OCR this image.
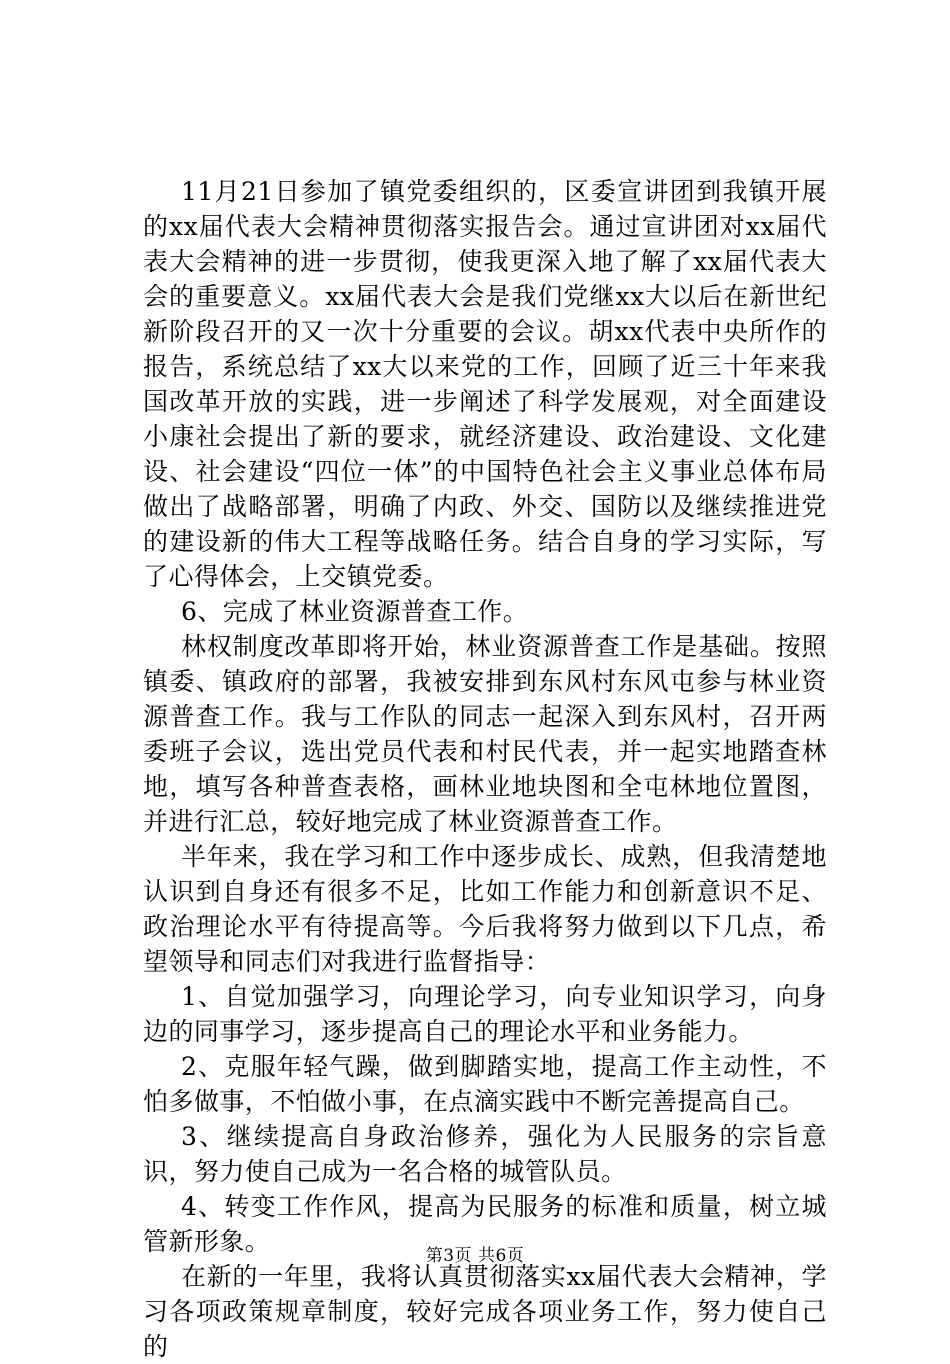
11月21日参加了镇党委组织的，区委宣讲团到我镇开展的xx届代表大会精神贯彻落实报告会。通过宣讲团对xx届代表大会精神的进一步贯彻，使我更深入地了解了xx届代表大会的重要意义。xx届代表大会是我们党继xx大以后在新世纪新阶段召开的又一次十分重要的会议。胡xx代表中央所作的报告，系统总结了xx大以来党的工作，回顾了近三十年来我国改革开放的实践，进一步阐述了科学发展观，对全面建设小康社会提出了新的要求，就经济建设、政治建设、文化建设、社会建设“四位一体”的中国特色社会主义事业总体布局做出了战略部署，明确了内政、外交、国防以及继续推进党的建设新的伟大工程等战略任务。结合自身的学习实际，写了心得体会，上交镇党委。

6、完成了林业资源普查工作。

林权制度改革即将开始，林业资源普查工作是基础。按照镇委、镇政府的部署，我被安排到东风村东风屯参与林业资源普查工作。我与工作队的同志一起深入到东风村，召开两委班子会议，选出党员代表和村民代表，并一起实地踏查林地，填写各种普查表格，画林业地块图和全屯林地位置图，并进行汇总，较好地完成了林业资源普查工作。

半年来，我在学习和工作中逐步成长、成熟，但我清楚地认识到自身还有很多不足，比如工作能力和创新意识不足、政治理论水平有待提高等。今后我将努力做到以下几点，希望领导和同志们对我进行监督指导：

1、自觉加强学习，向理论学习，向专业知识学习，向身边的同事学习，逐步提高自己的理论水平和业务能力。

2、克服年轻气躁，做到脚踏实地，提高工作主动性，不怕多做事，不怕做小事，在点滴实践中不断完善提高自己。

3、继续提高自身政治修养，强化为人民服务的宗旨意识，努力使自己成为一名合格的城管队员。

4、转变工作作风，提高为民服务的标准和质量，树立城管新形象。

在新的一年里，我将认真贯彻落实xx届代表大会精神，学习各项政策规章制度，较好完成各项业务工作，努力使自己的

第3页 共6页
